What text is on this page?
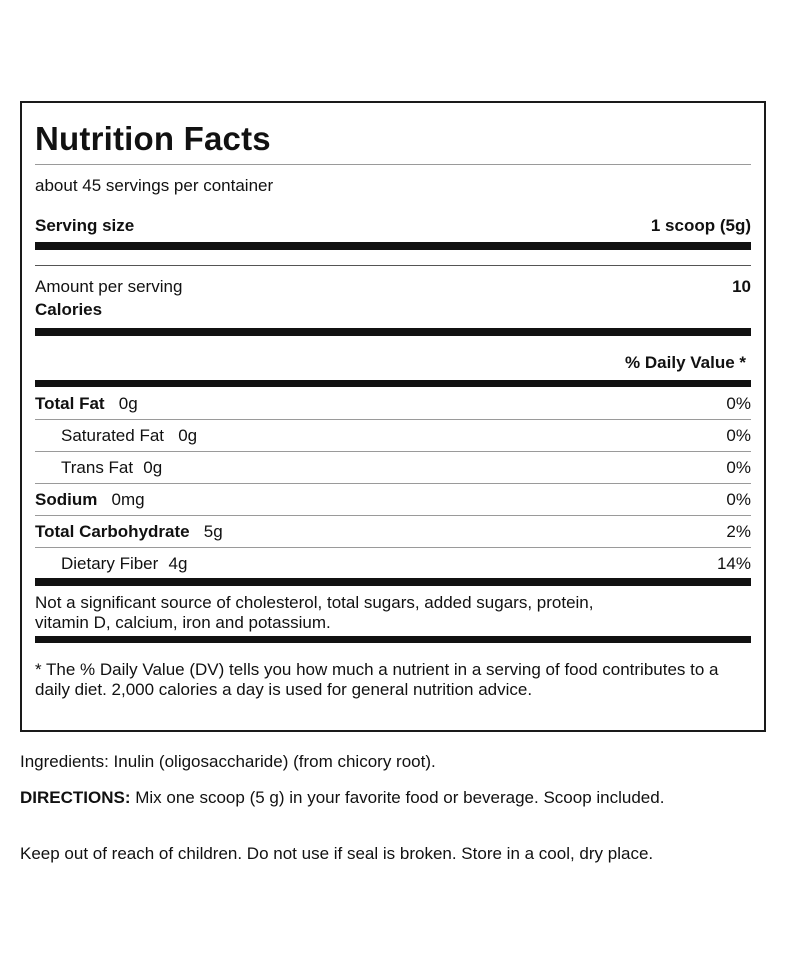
Nutrition Facts
about 45 servings per container
Serving size	1 scoop (5g)
Amount per serving	10
Calories
% Daily Value *
Total Fat   0g	0%
Saturated Fat   0g	0%
Trans Fat   0g	0%
Sodium   0mg	0%
Total Carbohydrate   5g	2%
Dietary Fiber   4g	14%
Not a significant source of cholesterol, total sugars, added sugars, protein, vitamin D, calcium, iron and potassium.
* The % Daily Value (DV) tells you how much a nutrient in a serving of food contributes to a daily diet. 2,000 calories a day is used for general nutrition advice.
Ingredients: Inulin (oligosaccharide) (from chicory root).
DIRECTIONS: Mix one scoop (5 g) in your favorite food or beverage. Scoop included.
Keep out of reach of children. Do not use if seal is broken. Store in a cool, dry place.
